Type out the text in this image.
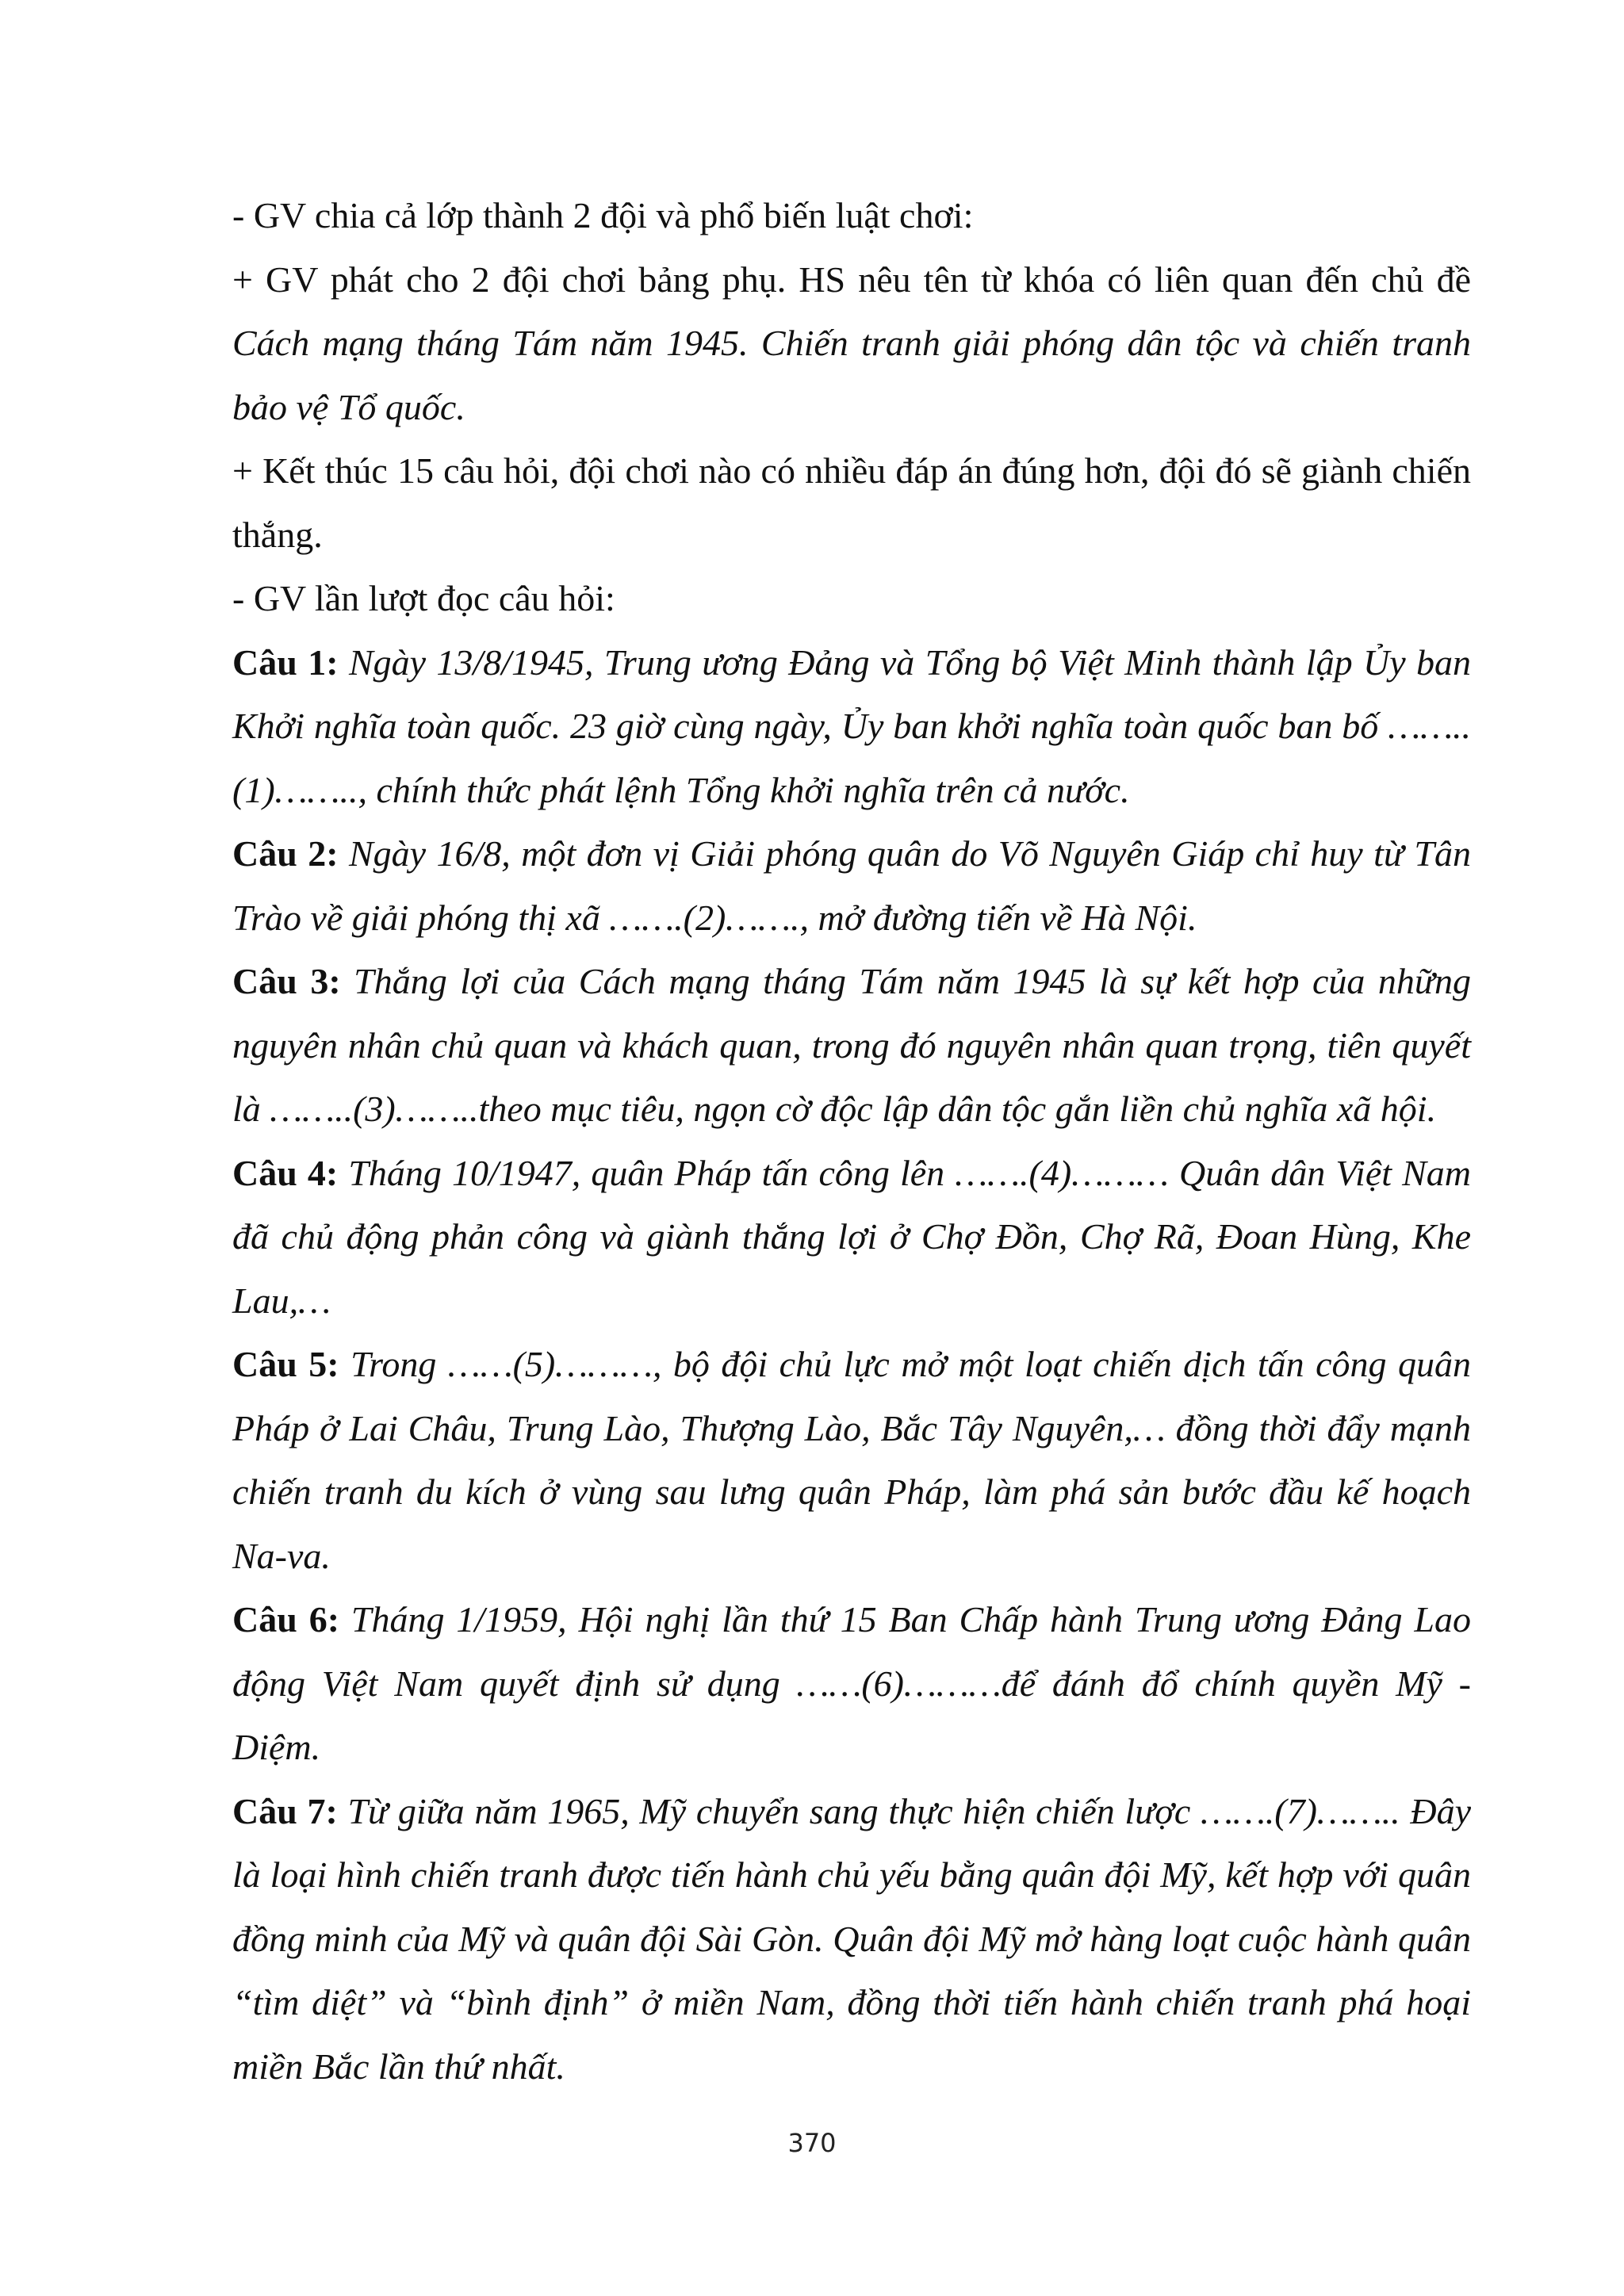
- GV chia cả lớp thành 2 đội và phổ biến luật chơi:

+ GV phát cho 2 đội chơi bảng phụ. HS nêu tên từ khóa có liên quan đến chủ đề Cách mạng tháng Tám năm 1945. Chiến tranh giải phóng dân tộc và chiến tranh bảo vệ Tổ quốc.

+ Kết thúc 15 câu hỏi, đội chơi nào có nhiều đáp án đúng hơn, đội đó sẽ giành chiến thắng.

- GV lần lượt đọc câu hỏi:

Câu 1: Ngày 13/8/1945, Trung ương Đảng và Tổng bộ Việt Minh thành lập Ủy ban Khởi nghĩa toàn quốc. 23 giờ cùng ngày, Ủy ban khởi nghĩa toàn quốc ban bố ……..(1)…….., chính thức phát lệnh Tổng khởi nghĩa trên cả nước.

Câu 2: Ngày 16/8, một đơn vị Giải phóng quân do Võ Nguyên Giáp chỉ huy từ Tân Trào về giải phóng thị xã …….(2)……., mở đường tiến về Hà Nội.

Câu 3: Thắng lợi của Cách mạng tháng Tám năm 1945 là sự kết hợp của những nguyên nhân chủ quan và khách quan, trong đó nguyên nhân quan trọng, tiên quyết là ……..(3)……..theo mục tiêu, ngọn cờ độc lập dân tộc gắn liền chủ nghĩa xã hội.

Câu 4: Tháng 10/1947, quân Pháp tấn công lên …….(4)……… Quân dân Việt Nam đã chủ động phản công và giành thắng lợi ở Chợ Đồn, Chợ Rã, Đoan Hùng, Khe Lau,…

Câu 5: Trong ……(5)………, bộ đội chủ lực mở một loạt chiến dịch tấn công quân Pháp ở Lai Châu, Trung Lào, Thượng Lào, Bắc Tây Nguyên,… đồng thời đẩy mạnh chiến tranh du kích ở vùng sau lưng quân Pháp, làm phá sản bước đầu kế hoạch Na-va.

Câu 6: Tháng 1/1959, Hội nghị lần thứ 15 Ban Chấp hành Trung ương Đảng Lao động Việt Nam quyết định sử dụng ……(6)………để đánh đổ chính quyền Mỹ - Diệm.

Câu 7: Từ giữa năm 1965, Mỹ chuyển sang thực hiện chiến lược …….(7)…….. Đây là loại hình chiến tranh được tiến hành chủ yếu bằng quân đội Mỹ, kết hợp với quân đồng minh của Mỹ và quân đội Sài Gòn. Quân đội Mỹ mở hàng loạt cuộc hành quân “tìm diệt” và “bình định” ở miền Nam, đồng thời tiến hành chiến tranh phá hoại miền Bắc lần thứ nhất.

370
